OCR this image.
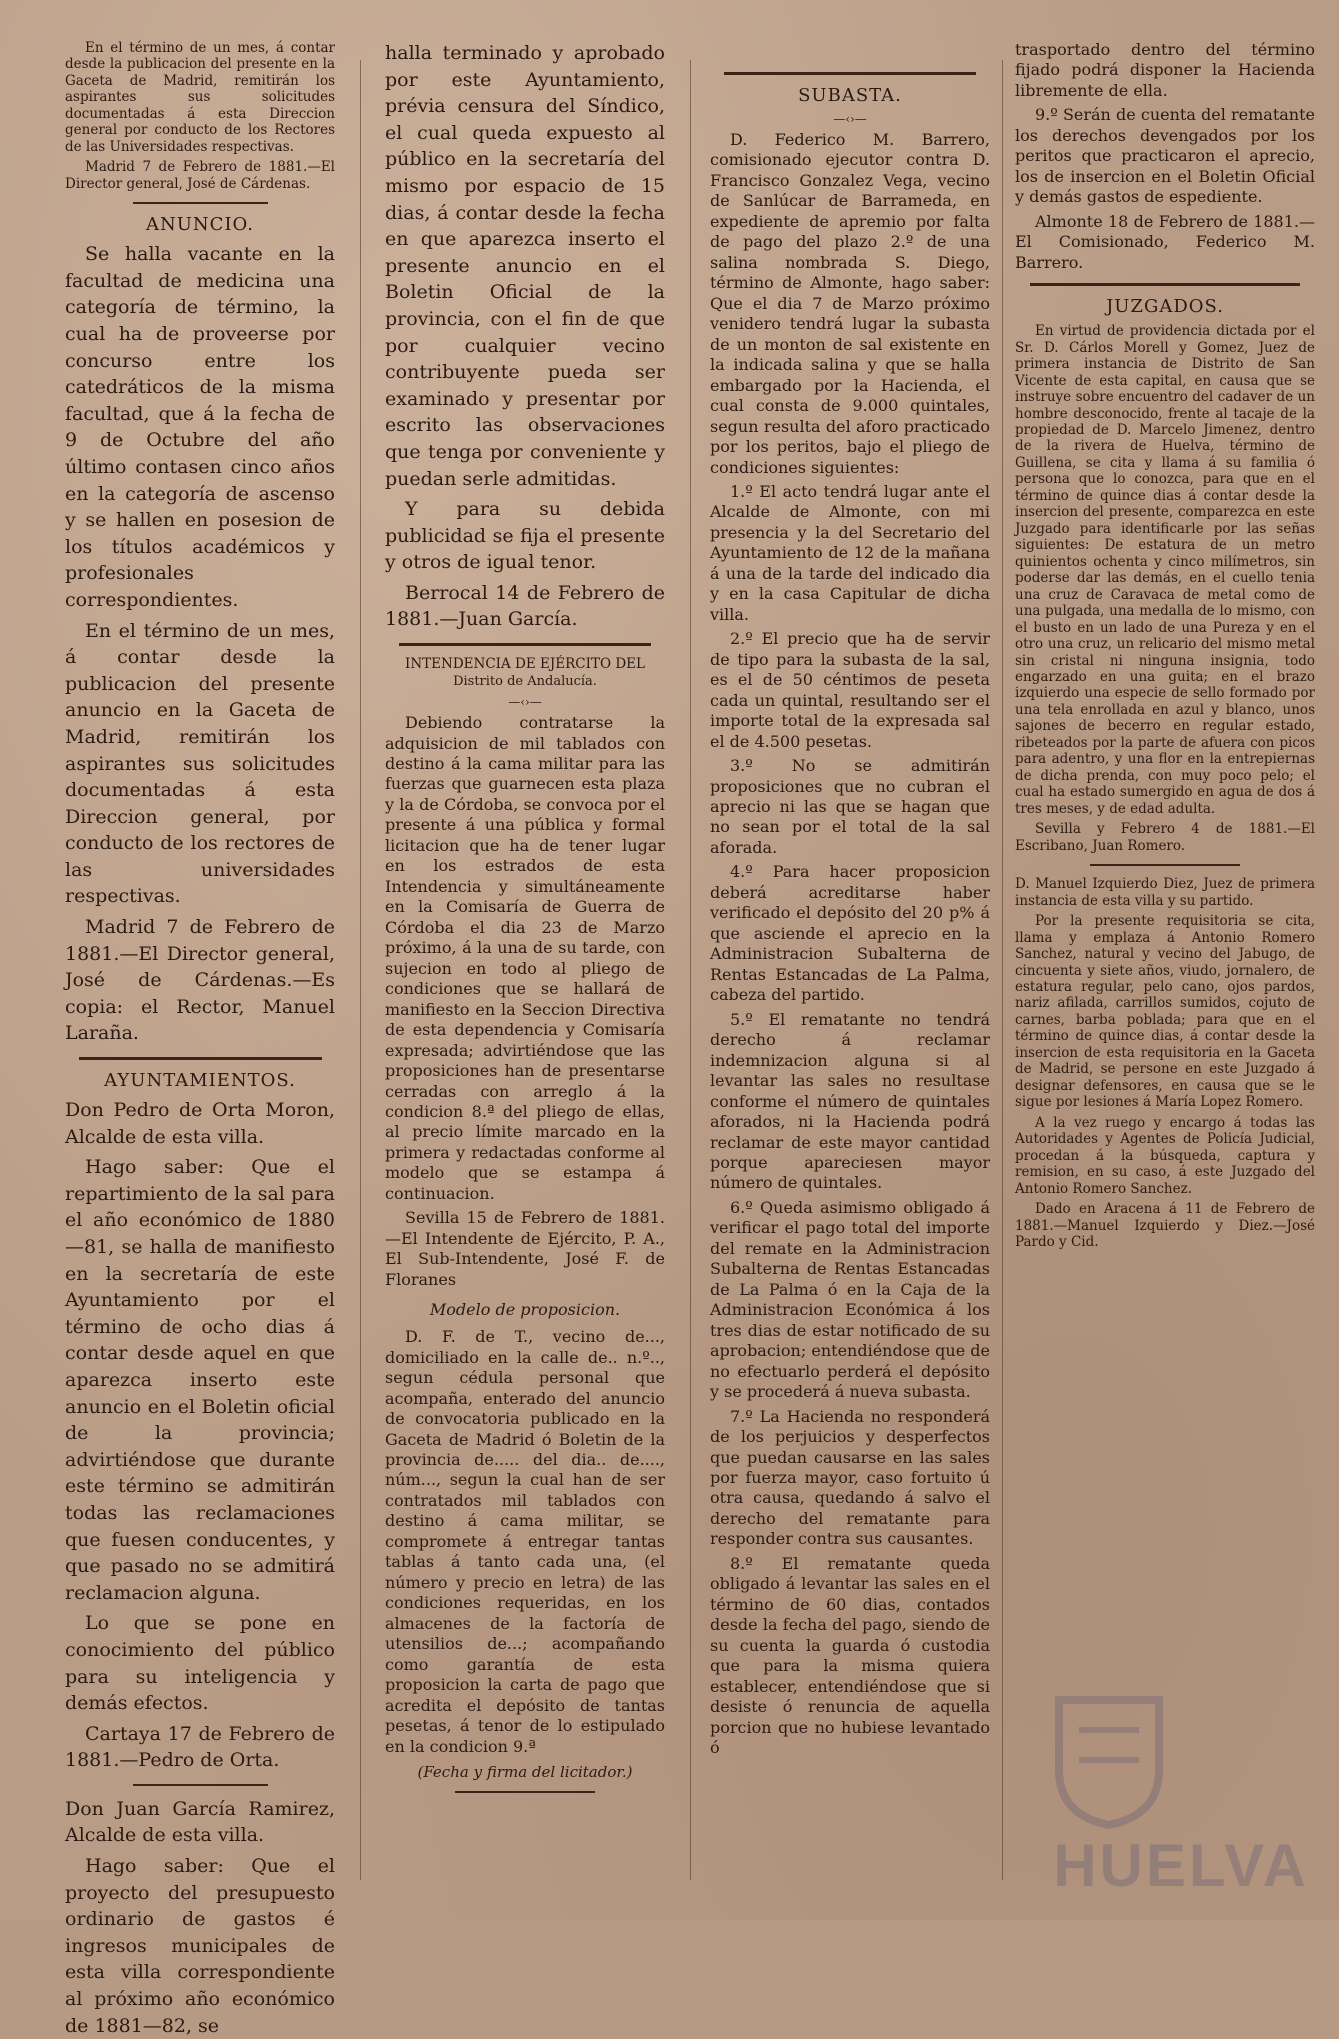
En el término de un mes, á contar desde la publicacion del presente en la Gaceta de Madrid, remitirán los aspirantes sus solicitudes documentadas á esta Direccion general por conducto de los Rectores de las Universidades respectivas.

Madrid 7 de Febrero de 1881.—El Director general, José de Cárdenas.

ANUNCIO.

Se halla vacante en la facultad de medicina una categoría de término, la cual ha de proveerse por concurso entre los catedráticos de la misma facultad, que á la fecha de 9 de Octubre del año último contasen cinco años en la categoría de ascenso y se hallen en posesion de los títulos académicos y profesionales correspondientes.

En el término de un mes, á contar desde la publicacion del presente anuncio en la Gaceta de Madrid, remitirán los aspirantes sus solicitudes documentadas á esta Direccion general, por conducto de los rectores de las universidades respectivas.

Madrid 7 de Febrero de 1881.—El Director general, José de Cárdenas.—Es copia: el Rector, Manuel Laraña.

AYUNTAMIENTOS.

Don Pedro de Orta Moron, Alcalde de esta villa.

Hago saber: Que el repartimiento de la sal para el año económico de 1880—81, se halla de manifiesto en la secretaría de este Ayuntamiento por el término de ocho dias á contar desde aquel en que aparezca inserto este anuncio en el Boletin oficial de la provincia; advirtiéndose que durante este término se admitirán todas las reclamaciones que fuesen conducentes, y que pasado no se admitirá reclamacion alguna.

Lo que se pone en conocimiento del público para su inteligencia y demás efectos.

Cartaya 17 de Febrero de 1881.—Pedro de Orta.

Don Juan García Ramirez, Alcalde de esta villa.

Hago saber: Que el proyecto del presupuesto ordinario de gastos é ingresos municipales de esta villa correspondiente al próximo año económico de 1881—82, se

halla terminado y aprobado por este Ayuntamiento, prévia censura del Síndico, el cual queda expuesto al público en la secretaría del mismo por espacio de 15 dias, á contar desde la fecha en que aparezca inserto el presente anuncio en el Boletin Oficial de la provincia, con el fin de que por cualquier vecino contribuyente pueda ser examinado y presentar por escrito las observaciones que tenga por conveniente y puedan serle admitidas.

Y para su debida publicidad se fija el presente y otros de igual tenor.

Berrocal 14 de Febrero de 1881.—Juan García.

INTENDENCIA DE EJÉRCITO DEL
Distrito de Andalucía.
—‹›—

Debiendo contratarse la adquisicion de mil tablados con destino á la cama militar para las fuerzas que guarnecen esta plaza y la de Córdoba, se convoca por el presente á una pública y formal licitacion que ha de tener lugar en los estrados de esta Intendencia y simultáneamente en la Comisaría de Guerra de Córdoba el dia 23 de Marzo próximo, á la una de su tarde, con sujecion en todo al pliego de condiciones que se hallará de manifiesto en la Seccion Directiva de esta dependencia y Comisaría expresada; advirtiéndose que las proposiciones han de presentarse cerradas con arreglo á la condicion 8.ª del pliego de ellas, al precio límite marcado en la primera y redactadas conforme al modelo que se estampa á continuacion.

Sevilla 15 de Febrero de 1881.—El Intendente de Ejército, P. A., El Sub-Intendente, José F. de Floranes

Modelo de proposicion.

D. F. de T., vecino de..., domiciliado en la calle de.. n.º.., segun cédula personal que acompaña, enterado del anuncio de convocatoria publicado en la Gaceta de Madrid ó Boletin de la provincia de..... del dia.. de...., núm..., segun la cual han de ser contratados mil tablados con destino á cama militar, se compromete á entregar tantas tablas á tanto cada una, (el número y precio en letra) de las condiciones requeridas, en los almacenes de la factoría de utensilios de...; acompañando como garantía de esta proposicion la carta de pago que acredita el depósito de tantas pesetas, á tenor de lo estipulado en la condicion 9.ª

(Fecha y firma del licitador.)
SUBASTA.
—‹›—

D. Federico M. Barrero, comisionado ejecutor contra D. Francisco Gonzalez Vega, vecino de Sanlúcar de Barrameda, en expediente de apremio por falta de pago del plazo 2.º de una salina nombrada S. Diego, término de Almonte, hago saber: Que el dia 7 de Marzo próximo venidero tendrá lugar la subasta de un monton de sal existente en la indicada salina y que se halla embargado por la Hacienda, el cual consta de 9.000 quintales, segun resulta del aforo practicado por los peritos, bajo el pliego de condiciones siguientes:

1.º El acto tendrá lugar ante el Alcalde de Almonte, con mi presencia y la del Secretario del Ayuntamiento de 12 de la mañana á una de la tarde del indicado dia y en la casa Capitular de dicha villa.

2.º El precio que ha de servir de tipo para la subasta de la sal, es el de 50 céntimos de peseta cada un quintal, resultando ser el importe total de la expresada sal el de 4.500 pesetas.

3.º No se admitirán proposiciones que no cubran el aprecio ni las que se hagan que no sean por el total de la sal aforada.

4.º Para hacer proposicion deberá acreditarse haber verificado el depósito del 20 p% á que asciende el aprecio en la Administracion Subalterna de Rentas Estancadas de La Palma, cabeza del partido.

5.º El rematante no tendrá derecho á reclamar indemnizacion alguna si al levantar las sales no resultase conforme el número de quintales aforados, ni la Hacienda podrá reclamar de este mayor cantidad porque apareciesen mayor número de quintales.

6.º Queda asimismo obligado á verificar el pago total del importe del remate en la Administracion Subalterna de Rentas Estancadas de La Palma ó en la Caja de la Administracion Económica á los tres dias de estar notificado de su aprobacion; entendiéndose que de no efectuarlo perderá el depósito y se procederá á nueva subasta.

7.º La Hacienda no responderá de los perjuicios y desperfectos que puedan causarse en las sales por fuerza mayor, caso fortuito ú otra causa, quedando á salvo el derecho del rematante para responder contra sus causantes.

8.º El rematante queda obligado á levantar las sales en el término de 60 dias, contados desde la fecha del pago, siendo de su cuenta la guarda ó custodia que para la misma quiera establecer, entendiéndose que si desiste ó renuncia de aquella porcion que no hubiese levantado ó

trasportado dentro del término fijado podrá disponer la Hacienda libremente de ella.

9.º Serán de cuenta del rematante los derechos devengados por los peritos que practicaron el aprecio, los de insercion en el Boletin Oficial y demás gastos de espediente.

Almonte 18 de Febrero de 1881.—El Comisionado, Federico M. Barrero.

JUZGADOS.

En virtud de providencia dictada por el Sr. D. Cárlos Morell y Gomez, Juez de primera instancia de Distrito de San Vicente de esta capital, en causa que se instruye sobre encuentro del cadaver de un hombre desconocido, frente al tacaje de la propiedad de D. Marcelo Jimenez, dentro de la rivera de Huelva, término de Guillena, se cita y llama á su familia ó persona que lo conozca, para que en el término de quince dias á contar desde la insercion del presente, comparezca en este Juzgado para identificarle por las señas siguientes: De estatura de un metro quinientos ochenta y cinco milímetros, sin poderse dar las demás, en el cuello tenia una cruz de Caravaca de metal como de una pulgada, una medalla de lo mismo, con el busto en un lado de una Pureza y en el otro una cruz, un relicario del mismo metal sin cristal ni ninguna insignia, todo engarzado en una guita; en el brazo izquierdo una especie de sello formado por una tela enrollada en azul y blanco, unos sajones de becerro en regular estado, ribeteados por la parte de afuera con picos para adentro, y una flor en la entrepiernas de dicha prenda, con muy poco pelo; el cual ha estado sumergido en agua de dos á tres meses, y de edad adulta.

Sevilla y Febrero 4 de 1881.—El Escribano, Juan Romero.

D. Manuel Izquierdo Diez, Juez de primera instancia de esta villa y su partido.

Por la presente requisitoria se cita, llama y emplaza á Antonio Romero Sanchez, natural y vecino del Jabugo, de cincuenta y siete años, viudo, jornalero, de estatura regular, pelo cano, ojos pardos, nariz afilada, carrillos sumidos, cojuto de carnes, barba poblada; para que en el término de quince dias, á contar desde la insercion de esta requisitoria en la Gaceta de Madrid, se persone en este Juzgado á designar defensores, en causa que se le sigue por lesiones á María Lopez Romero.

A la vez ruego y encargo á todas las Autoridades y Agentes de Policía Judicial, procedan á la búsqueda, captura y remision, en su caso, á este Juzgado del Antonio Romero Sanchez.

Dado en Aracena á 11 de Febrero de 1881.—Manuel Izquierdo y Diez.—José Pardo y Cid.

HUELVA
